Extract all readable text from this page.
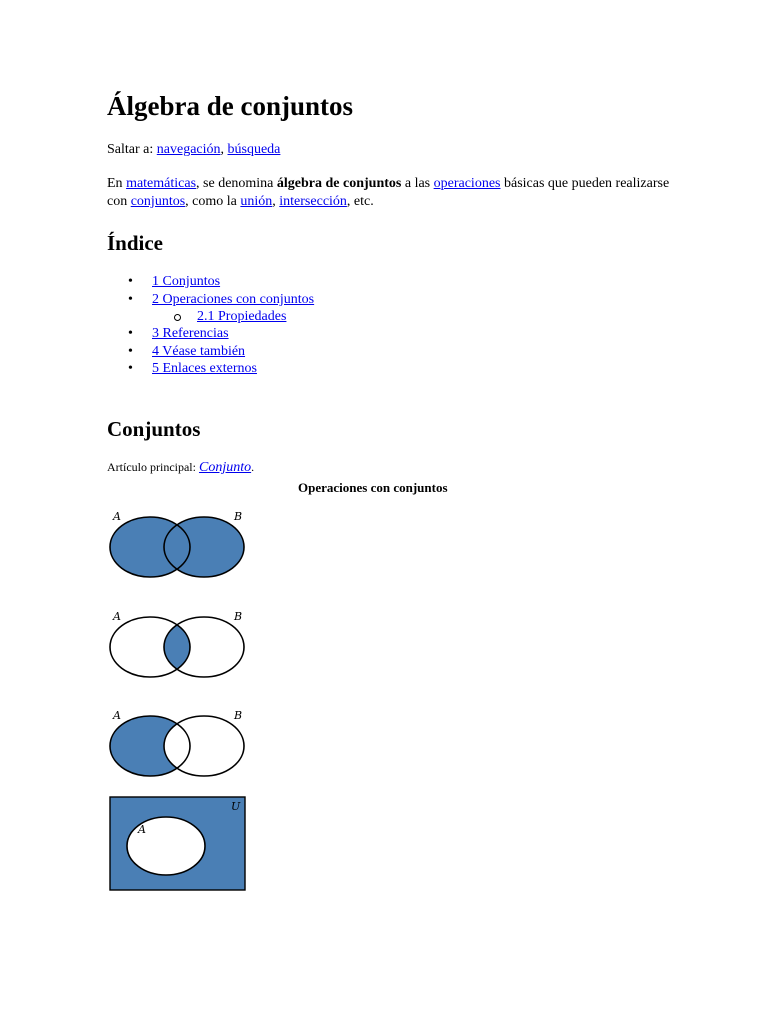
Álgebra de conjuntos

Saltar a: navegación, búsqueda

En matemáticas, se denomina álgebra de conjuntos a las operaciones básicas que pueden realizarse con conjuntos, como la unión, intersección, etc.

Índice
• 1 Conjuntos
• 2 Operaciones con conjuntos
2.1 Propiedades
• 3 Referencias
• 4 Véase también
• 5 Enlaces externos
Conjuntos
Artículo principal: Conjunto.
Operaciones con conjuntos
A	B
A	B
A	B
A
U
